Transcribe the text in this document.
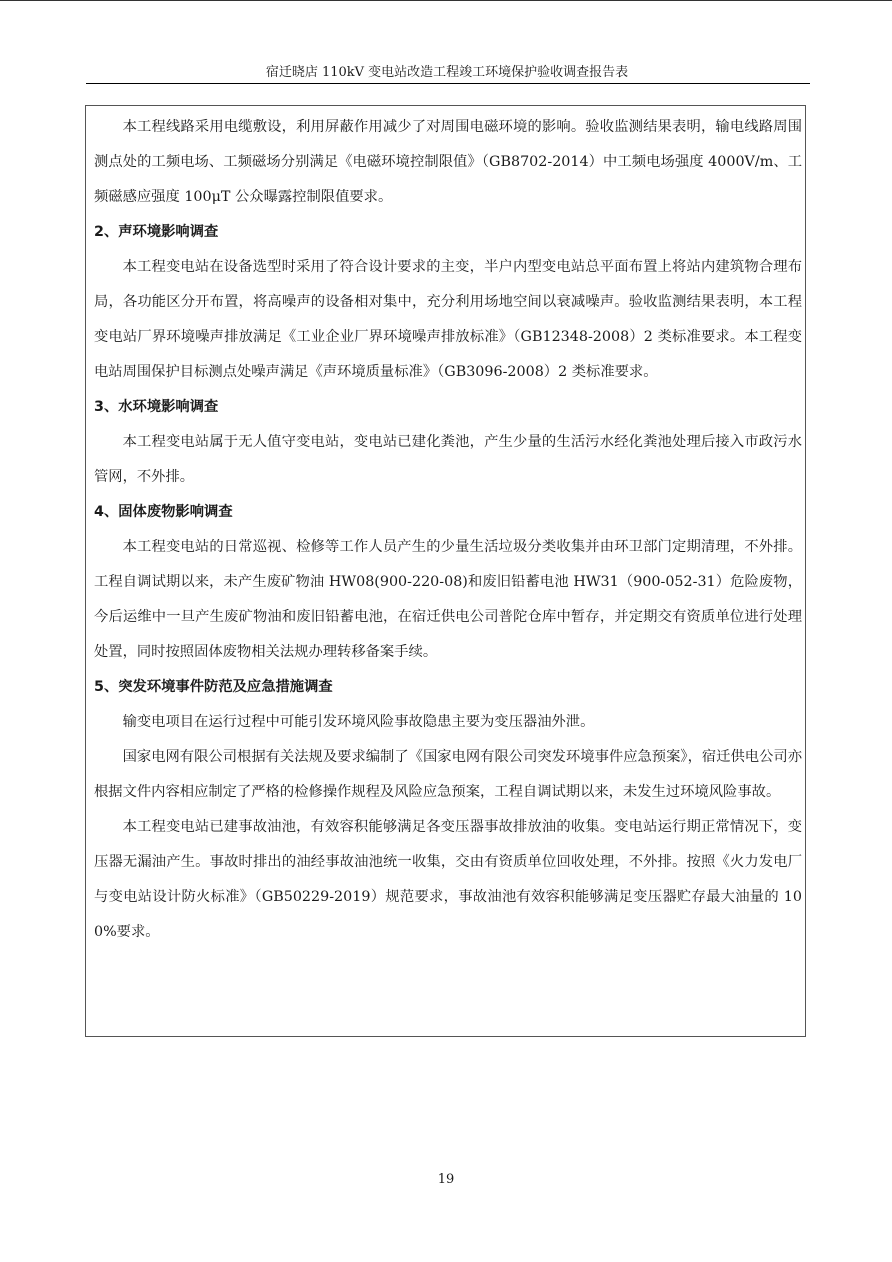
宿迁晓店 110kV 变电站改造工程竣工环境保护验收调查报告表

本工程线路采用电缆敷设，利用屏蔽作用减少了对周围电磁环境的影响。验收监测结果表明，输电线路周围测点处的工频电场、工频磁场分别满足《电磁环境控制限值》（GB8702-2014）中工频电场强度 4000V/m、工频磁感应强度 100μT 公众曝露控制限值要求。

2、声环境影响调查

本工程变电站在设备选型时采用了符合设计要求的主变，半户内型变电站总平面布置上将站内建筑物合理布局，各功能区分开布置，将高噪声的设备相对集中，充分利用场地空间以衰减噪声。验收监测结果表明，本工程变电站厂界环境噪声排放满足《工业企业厂界环境噪声排放标准》（GB12348-2008）2 类标准要求。本工程变电站周围保护目标测点处噪声满足《声环境质量标准》（GB3096-2008）2 类标准要求。

3、水环境影响调查

本工程变电站属于无人值守变电站，变电站已建化粪池，产生少量的生活污水经化粪池处理后接入市政污水管网，不外排。

4、固体废物影响调查

本工程变电站的日常巡视、检修等工作人员产生的少量生活垃圾分类收集并由环卫部门定期清理，不外排。工程自调试期以来，未产生废矿物油 HW08(900-220-08)和废旧铅蓄电池 HW31（900-052-31）危险废物，今后运维中一旦产生废矿物油和废旧铅蓄电池，在宿迁供电公司普陀仓库中暂存，并定期交有资质单位进行处理处置，同时按照固体废物相关法规办理转移备案手续。

5、突发环境事件防范及应急措施调查

输变电项目在运行过程中可能引发环境风险事故隐患主要为变压器油外泄。

国家电网有限公司根据有关法规及要求编制了《国家电网有限公司突发环境事件应急预案》，宿迁供电公司亦根据文件内容相应制定了严格的检修操作规程及风险应急预案，工程自调试期以来，未发生过环境风险事故。

本工程变电站已建事故油池，有效容积能够满足各变压器事故排放油的收集。变电站运行期正常情况下，变压器无漏油产生。事故时排出的油经事故油池统一收集，交由有资质单位回收处理，不外排。按照《火力发电厂与变电站设计防火标准》（GB50229-2019）规范要求，事故油池有效容积能够满足变压器贮存最大油量的 100%要求。

19
